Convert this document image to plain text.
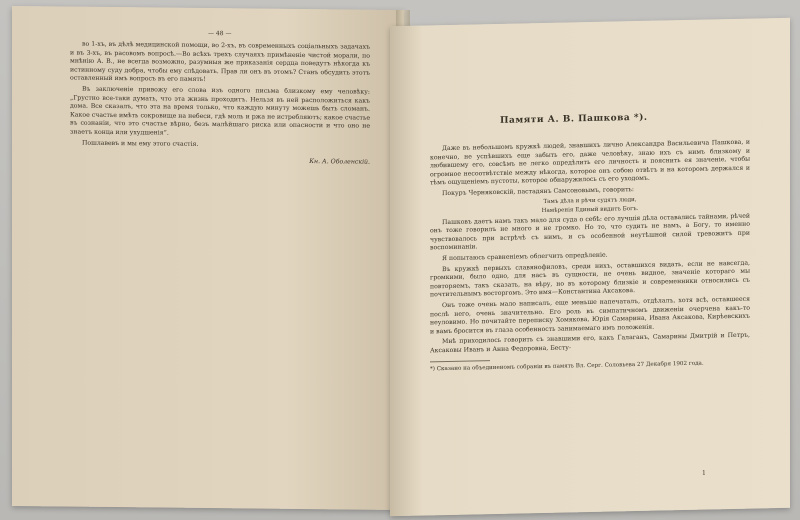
— 48 —

во 1-хъ, въ дѣлѣ медицинской помощи, во 2-хъ, въ современныхъ соціальныхъ задачахъ и въ 3-хъ, въ расовомъ вопросѣ.—Во всѣхъ трехъ случаяхъ примѣненіе чистой морали, по мнѣнію А. В., не всегда возможно, разумныя же приказанія сердца поведутъ нѣкогда къ истинному суду добра, чтобы ему слѣдовать. Прав ли онъ въ этомъ? Станъ обсудить этотъ оставленный имъ вопросъ въ его память!

Въ заключеніе привожу его слова изъ одного письма близкому ему человѣку: „Грустно все-таки думать, что эта жизнь проходитъ. Нельзя въ ней расположиться какъ дома. Все сказалъ, что эта на время только, что каждую минуту можешь быть сломанъ. Какое счастье имѣть сокровище на небеси, гдѣ моль и ржа не истребляютъ; какое счастье въ сознаніи, что это счастье вѣрно, безъ малѣйшаго риска или опасности и что оно не знаетъ конца или ухудшенія“.

Пошлавевъ и мы ему этого счастія.

Кн. А. Оболенскій.
Памяти А. В. Пашкова *).

Даже въ небольшомъ кружкѣ людей, знавшихъ лично Александра Васильевича Пашкова, и конечно, не успѣвшихъ еще забыть его, даже человѣку, знаю ихъ съ нимъ близкому и любившему его, совсѣмъ не легко опредѣлить его личность и пояснить ея значеніе, чтобы огромное несоотвѣтствіе между нѣкогда, которое онъ собою отвѣтъ и на которомъ держался и тѣмъ ощущеніемъ пустоты, которое обнаружилось съ его уходомъ.

Покуръ Черняковскій, пастадянъ Самсоновымъ, говорить:

Тамъ дѣла и рѣчи судятъ люди,
Намѣренія Единый видитъ Богъ.

Пашковъ даетъ намъ такъ мало для суда о себѣ: его лучшія дѣла оставались тайнами, рѣчей онъ тоже говорилъ не много и не громко. Но то, что судить не намъ, а Богу, то именно чувствовалось при встрѣчѣ съ нимъ, и съ особенной неутѣшной силой тревожитъ при воспоминаніи.

Я попытаюсь сравненіемъ облегчить опредѣленіе.

Въ кружкѣ первыхъ славянофиловъ, среди нихъ, оставшихся видать, если не навсегда, громкими, было одно, для насъ въ сущности, не очень видное, значеніе котораго мы повторяемъ, такъ сказать, на вѣру, но въ которому близкіе и современники относились съ почтительнымъ восторгомъ. Это имя—Константина Аксакова.

Онъ тоже очень мало написалъ, еще меньше напечаталъ, отдѣлалъ, хотя всѣ, оставшееся послѣ него, очень значительно. Его роль въ симпатичномъ движеніи очерчена какъ-то неуловимо. Но почитайте переписку Хомякова, Юрія Самарина, Ивана Аксакова, Кирѣевскихъ и вамъ бросится въ глаза особенность занимаемаго имъ положенія.

Мнѣ приходилось говорить съ знавшими его, какъ Галаганъ, Самарины Дмитрій и Петръ, Аксаковы Иванъ и Анна Федоровна, Бесту-

*) Сказано на объединеномъ собраніи въ память Вл. Серг. Соловьева 27 Декабря 1902 года.
1
